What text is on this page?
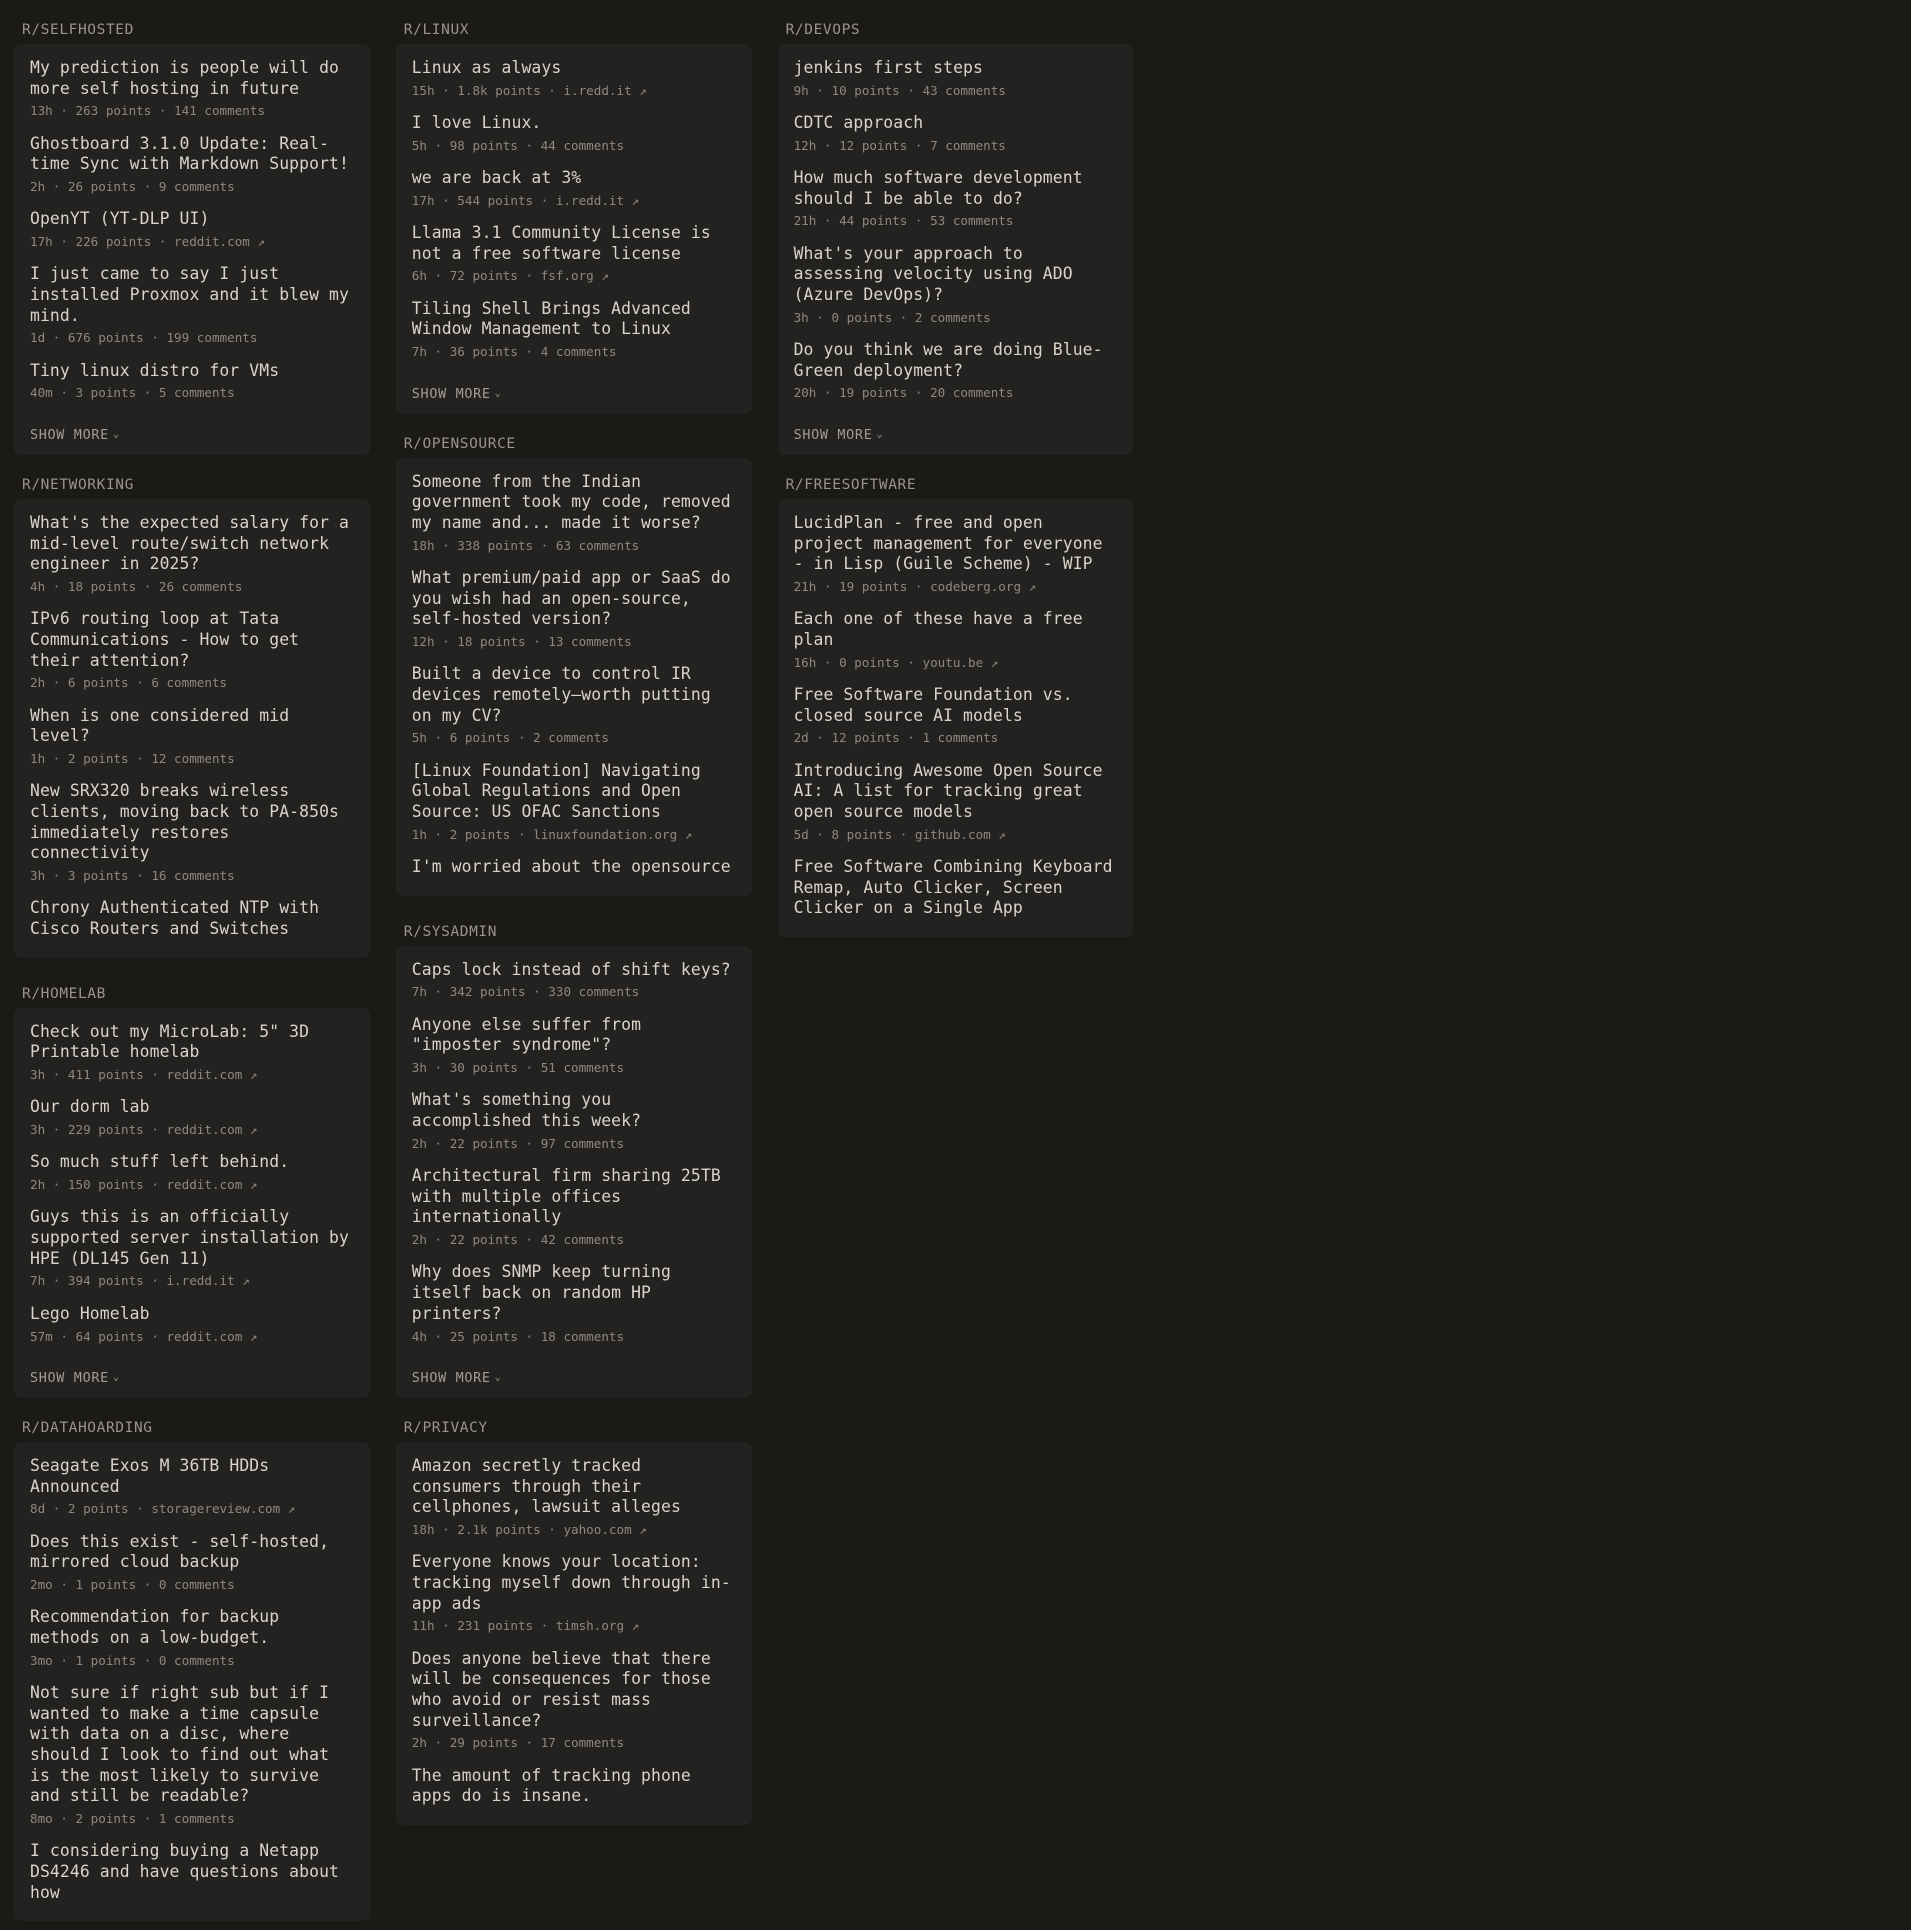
R/SELFHOSTED
My prediction is people will do more self hosting in future
13h · 263 points · 141 comments
Ghostboard 3.1.0 Update: Real-time Sync with Markdown Support!
2h · 26 points · 9 comments
OpenYT (YT-DLP UI)
17h · 226 points · reddit.com ↗
I just came to say I just installed Proxmox and it blew my mind.
1d · 676 points · 199 comments
Tiny linux distro for VMs
40m · 3 points · 5 comments
SHOW MORE ⌄
R/NETWORKING
What's the expected salary for a mid-level route/switch network engineer in 2025?
4h · 18 points · 26 comments
IPv6 routing loop at Tata Communications - How to get their attention?
2h · 6 points · 6 comments
When is one considered mid level?
1h · 2 points · 12 comments
New SRX320 breaks wireless clients, moving back to PA-850s immediately restores connectivity
3h · 3 points · 16 comments
Chrony Authenticated NTP with Cisco Routers and Switches
R/HOMELAB
Check out my MicroLab: 5" 3D Printable homelab
3h · 411 points · reddit.com ↗
Our dorm lab
3h · 229 points · reddit.com ↗
So much stuff left behind.
2h · 150 points · reddit.com ↗
Guys this is an officially supported server installation by HPE (DL145 Gen 11)
7h · 394 points · i.redd.it ↗
Lego Homelab
57m · 64 points · reddit.com ↗
SHOW MORE ⌄
R/DATAHOARDING
Seagate Exos M 36TB HDDs Announced
8d · 2 points · storagereview.com ↗
Does this exist - self-hosted, mirrored cloud backup
2mo · 1 points · 0 comments
Recommendation for backup methods on a low-budget.
3mo · 1 points · 0 comments
Not sure if right sub but if I wanted to make a time capsule with data on a disc, where should I look to find out what is the most likely to survive and still be readable?
8mo · 2 points · 1 comments
I considering buying a Netapp DS4246 and have questions about how
R/LINUX
Linux as always
15h · 1.8k points · i.redd.it ↗
I love Linux.
5h · 98 points · 44 comments
we are back at 3%
17h · 544 points · i.redd.it ↗
Llama 3.1 Community License is not a free software license
6h · 72 points · fsf.org ↗
Tiling Shell Brings Advanced Window Management to Linux
7h · 36 points · 4 comments
SHOW MORE ⌄
R/OPENSOURCE
Someone from the Indian government took my code, removed my name and... made it worse?
18h · 338 points · 63 comments
What premium/paid app or SaaS do you wish had an open-source, self-hosted version?
12h · 18 points · 13 comments
Built a device to control IR devices remotely—worth putting on my CV?
5h · 6 points · 2 comments
[Linux Foundation] Navigating Global Regulations and Open Source: US OFAC Sanctions
1h · 2 points · linuxfoundation.org ↗
I'm worried about the opensource
R/SYSADMIN
Caps lock instead of shift keys?
7h · 342 points · 330 comments
Anyone else suffer from "imposter syndrome"?
3h · 30 points · 51 comments
What's something you accomplished this week?
2h · 22 points · 97 comments
Architectural firm sharing 25TB with multiple offices internationally
2h · 22 points · 42 comments
Why does SNMP keep turning itself back on random HP printers?
4h · 25 points · 18 comments
SHOW MORE ⌄
R/PRIVACY
Amazon secretly tracked consumers through their cellphones, lawsuit alleges
18h · 2.1k points · yahoo.com ↗
Everyone knows your location: tracking myself down through in-app ads
11h · 231 points · timsh.org ↗
Does anyone believe that there will be consequences for those who avoid or resist mass surveillance?
2h · 29 points · 17 comments
The amount of tracking phone apps do is insane.
R/DEVOPS
jenkins first steps
9h · 10 points · 43 comments
CDTC approach
12h · 12 points · 7 comments
How much software development should I be able to do?
21h · 44 points · 53 comments
What's your approach to assessing velocity using ADO (Azure DevOps)?
3h · 0 points · 2 comments
Do you think we are doing Blue-Green deployment?
20h · 19 points · 20 comments
SHOW MORE ⌄
R/FREESOFTWARE
LucidPlan - free and open project management for everyone - in Lisp (Guile Scheme) - WIP
21h · 19 points · codeberg.org ↗
Each one of these have a free plan
16h · 0 points · youtu.be ↗
Free Software Foundation vs. closed source AI models
2d · 12 points · 1 comments
Introducing Awesome Open Source AI: A list for tracking great open source models
5d · 8 points · github.com ↗
Free Software Combining Keyboard Remap, Auto Clicker, Screen Clicker on a Single App
